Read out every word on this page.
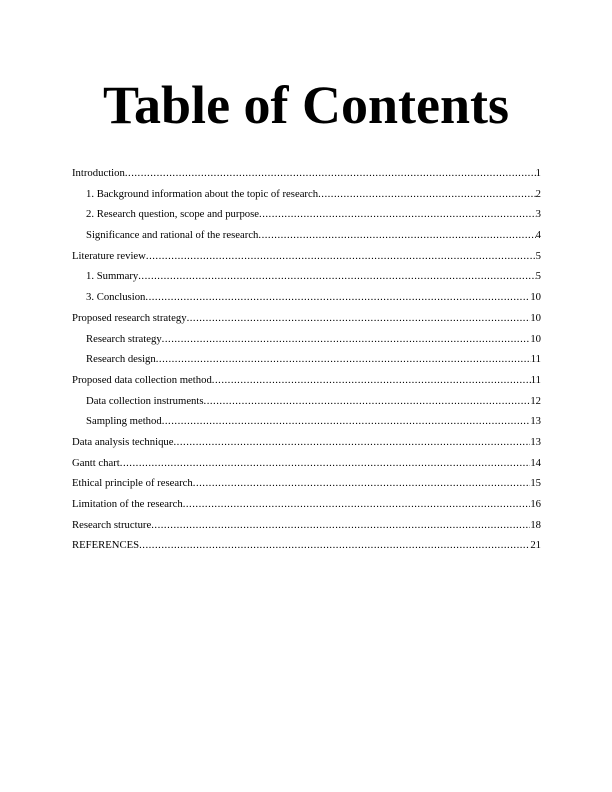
Table of Contents
Introduction .....	1
1. Background information about the topic of research .....	2
2. Research question, scope and purpose .....	3
Significance and rational of the research .....	4
Literature review .....	5
1. Summary .....	5
3. Conclusion .....	10
Proposed research strategy .....	10
Research strategy .....	10
Research design .....	11
Proposed data collection method .....	11
Data collection instruments .....	12
Sampling method .....	13
Data analysis technique .....	13
Gantt chart .....	14
Ethical principle of research .....	15
Limitation of the research .....	16
Research structure .....	18
REFERENCES .....	21
